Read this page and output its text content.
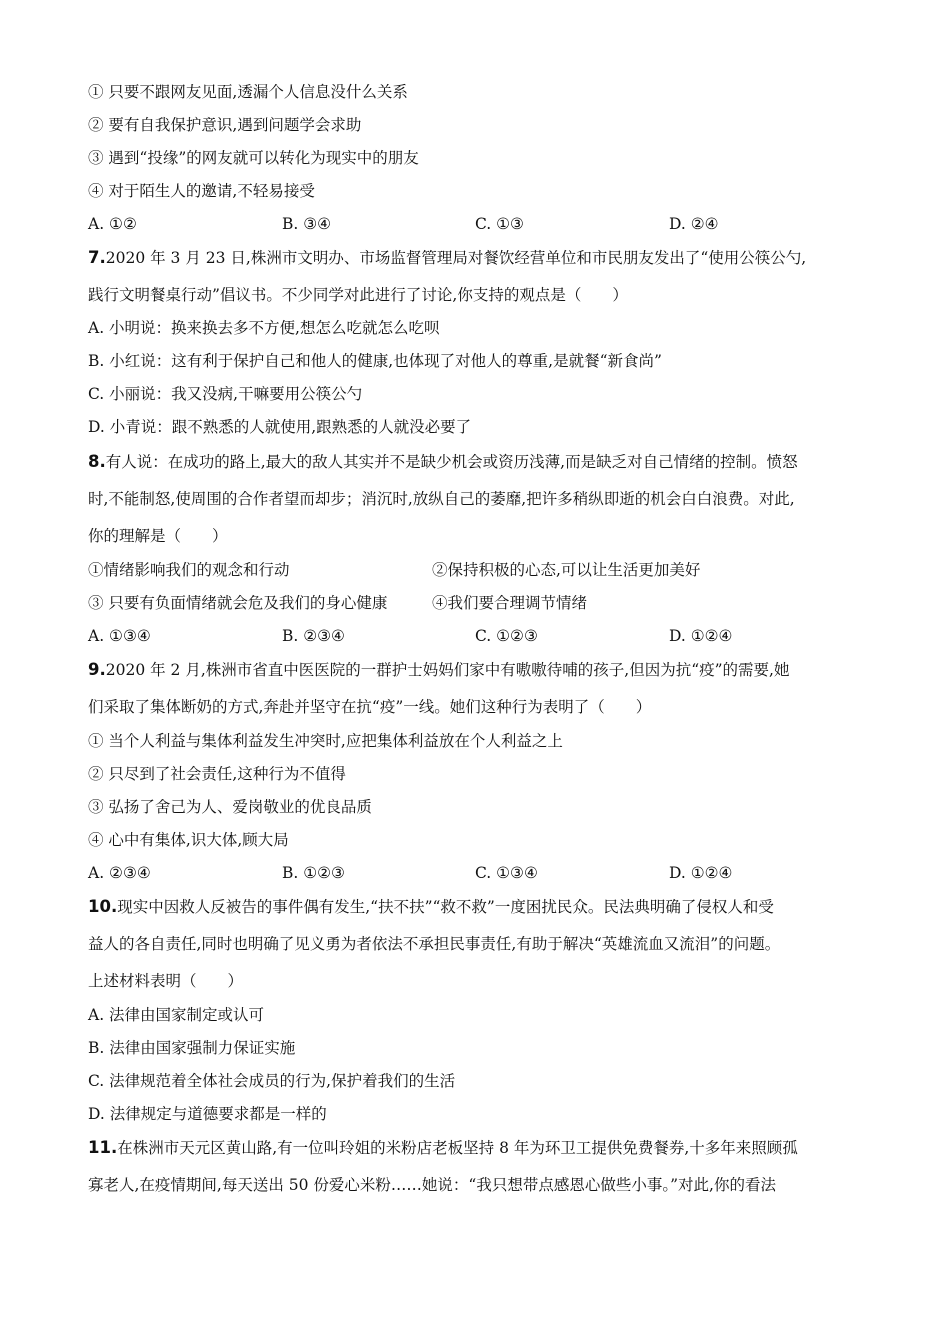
① 只要不跟网友见面,透漏个人信息没什么关系
② 要有自我保护意识,遇到问题学会求助
③ 遇到“投缘”的网友就可以转化为现实中的朋友
④ 对于陌生人的邀请,不轻易接受
A. ①②	B. ③④	C. ①③	D. ②④
7.2020 年 3 月 23 日,株洲市文明办、市场监督管理局对餐饮经营单位和市民朋友发出了“使用公筷公勺,
践行文明餐桌行动”倡议书。不少同学对此进行了讨论,你支持的观点是（　　）
A. 小明说：换来换去多不方便,想怎么吃就怎么吃呗
B. 小红说：这有利于保护自己和他人的健康,也体现了对他人的尊重,是就餐“新食尚”
C. 小丽说：我又没病,干嘛要用公筷公勺
D. 小青说：跟不熟悉的人就使用,跟熟悉的人就没必要了
8.有人说：在成功的路上,最大的敌人其实并不是缺少机会或资历浅薄,而是缺乏对自己情绪的控制。愤怒
时,不能制怒,使周围的合作者望而却步；消沉时,放纵自己的萎靡,把许多稍纵即逝的机会白白浪费。对此,
你的理解是（　　）
①情绪影响我们的观念和行动	②保持积极的心态,可以让生活更加美好
③ 只要有负面情绪就会危及我们的身心健康	④我们要合理调节情绪
A. ①③④	B. ②③④	C. ①②③	D. ①②④
9.2020 年 2 月,株洲市省直中医医院的一群护士妈妈们家中有嗷嗷待哺的孩子,但因为抗“疫”的需要,她
们采取了集体断奶的方式,奔赴并坚守在抗“疫”一线。她们这种行为表明了（　　）
① 当个人利益与集体利益发生冲突时,应把集体利益放在个人利益之上
② 只尽到了社会责任,这种行为不值得
③ 弘扬了舍己为人、爱岗敬业的优良品质
④ 心中有集体,识大体,顾大局
A. ②③④	B. ①②③	C. ①③④	D. ①②④
10.现实中因救人反被告的事件偶有发生,“扶不扶”“救不救”一度困扰民众。民法典明确了侵权人和受
益人的各自责任,同时也明确了见义勇为者依法不承担民事责任,有助于解决“英雄流血又流泪”的问题。
上述材料表明（　　）
A. 法律由国家制定或认可
B. 法律由国家强制力保证实施
C. 法律规范着全体社会成员的行为,保护着我们的生活
D. 法律规定与道德要求都是一样的
11.在株洲市天元区黄山路,有一位叫玲姐的米粉店老板坚持 8 年为环卫工提供免费餐券,十多年来照顾孤
寡老人,在疫情期间,每天送出 50 份爱心米粉……她说：“我只想带点感恩心做些小事。”对此,你的看法
